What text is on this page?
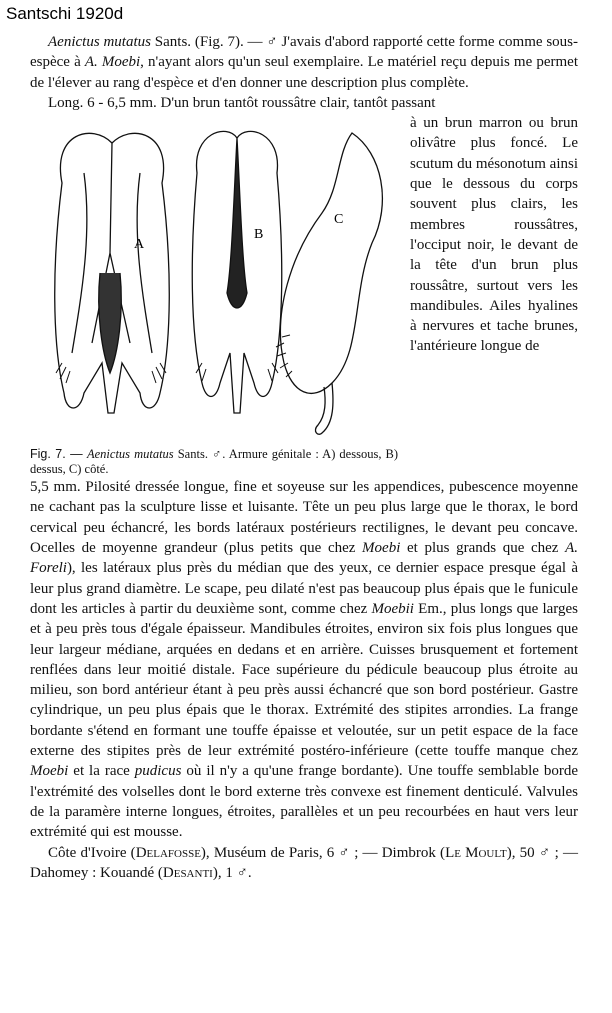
Santschi 1920d

Aenictus mutatus Sants. (Fig. 7). — ♂ J'avais d'abord rapporté cette forme comme sous-espèce à A. Moebi, n'ayant alors qu'un seul exemplaire. Le matériel reçu depuis me permet de l'élever au rang d'espèce et d'en donner une description plus complète.

Long. 6 - 6,5 mm. D'un brun tantôt roussâtre clair, tantôt passant

A
B
C
Fig. 7. — Aenictus mutatus Sants. ♂. Armure génitale : A) dessous, B) dessus, C) côté.
à un brun marron ou brun olivâtre plus foncé. Le scutum du mésonotum ainsi que le dessous du corps souvent plus clairs, les membres roussâtres, l'occiput noir, le devant de la tête d'un brun plus roussâtre, surtout vers les mandibules. Ailes hyalines à nervures et tache brunes, l'antérieure longue de

5,5 mm. Pilosité dressée longue, fine et soyeuse sur les appendices, pubescence moyenne ne cachant pas la sculpture lisse et luisante. Tête un peu plus large que le thorax, le bord cervical peu échancré, les bords latéraux postérieurs rectilignes, le devant peu concave. Ocelles de moyenne grandeur (plus petits que chez Moebi et plus grands que chez A. Foreli), les latéraux plus près du médian que des yeux, ce dernier espace presque égal à leur plus grand diamètre. Le scape, peu dilaté n'est pas beaucoup plus épais que le funicule dont les articles à partir du deuxième sont, comme chez Moebii Em., plus longs que larges et à peu près tous d'égale épaisseur. Mandibules étroites, environ six fois plus longues que leur largeur médiane, arquées en dedans et en arrière. Cuisses brusquement et fortement renflées dans leur moitié distale. Face supérieure du pédicule beaucoup plus étroite au milieu, son bord antérieur étant à peu près aussi échancré que son bord postérieur. Gastre cylindrique, un peu plus épais que le thorax. Extrémité des stipites arrondies. La frange bordante s'étend en formant une touffe épaisse et veloutée, sur un petit espace de la face externe des stipites près de leur extrémité postéro-inférieure (cette touffe manque chez Moebi et la race pudicus où il n'y a qu'une frange bordante). Une touffe semblable borde l'extrémité des volselles dont le bord externe très convexe est finement denticulé. Valvules de la paramère interne longues, étroites, parallèles et un peu recourbées en haut vers leur extrémité qui est mousse.

Côte d'Ivoire (Delafosse), Muséum de Paris, 6 ♂ ; — Dimbrok (Le Moult), 50 ♂ ; — Dahomey : Kouandé (Desanti), 1 ♂.
